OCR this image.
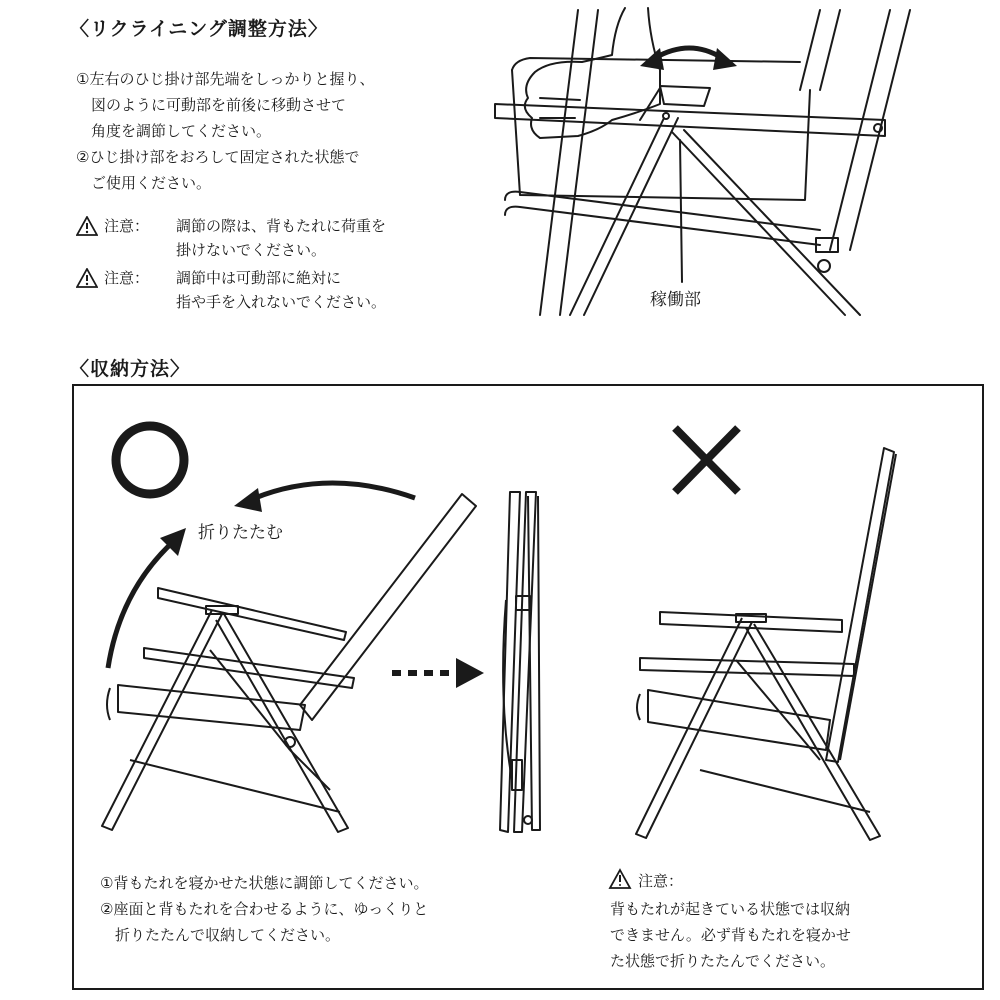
〈リクライニング調整方法〉
①左右のひじ掛け部先端をしっかりと握り、
　図のように可動部を前後に移動させて
　角度を調節してください。
②ひじ掛け部をおろして固定された状態で
　ご使用ください。
注意：	調節の際は、背もたれに荷重を
掛けないでください。
注意：	調節中は可動部に絶対に
指や手を入れないでください。	稼働部
〈収納方法〉
折りたたむ
①背もたれを寝かせた状態に調節してください。
②座面と背もたれを合わせるように、ゆっくりと
　折りたたんで収納してください。
注意：
背もたれが起きている状態では収納
できません。必ず背もたれを寝かせ
た状態で折りたたんでください。
